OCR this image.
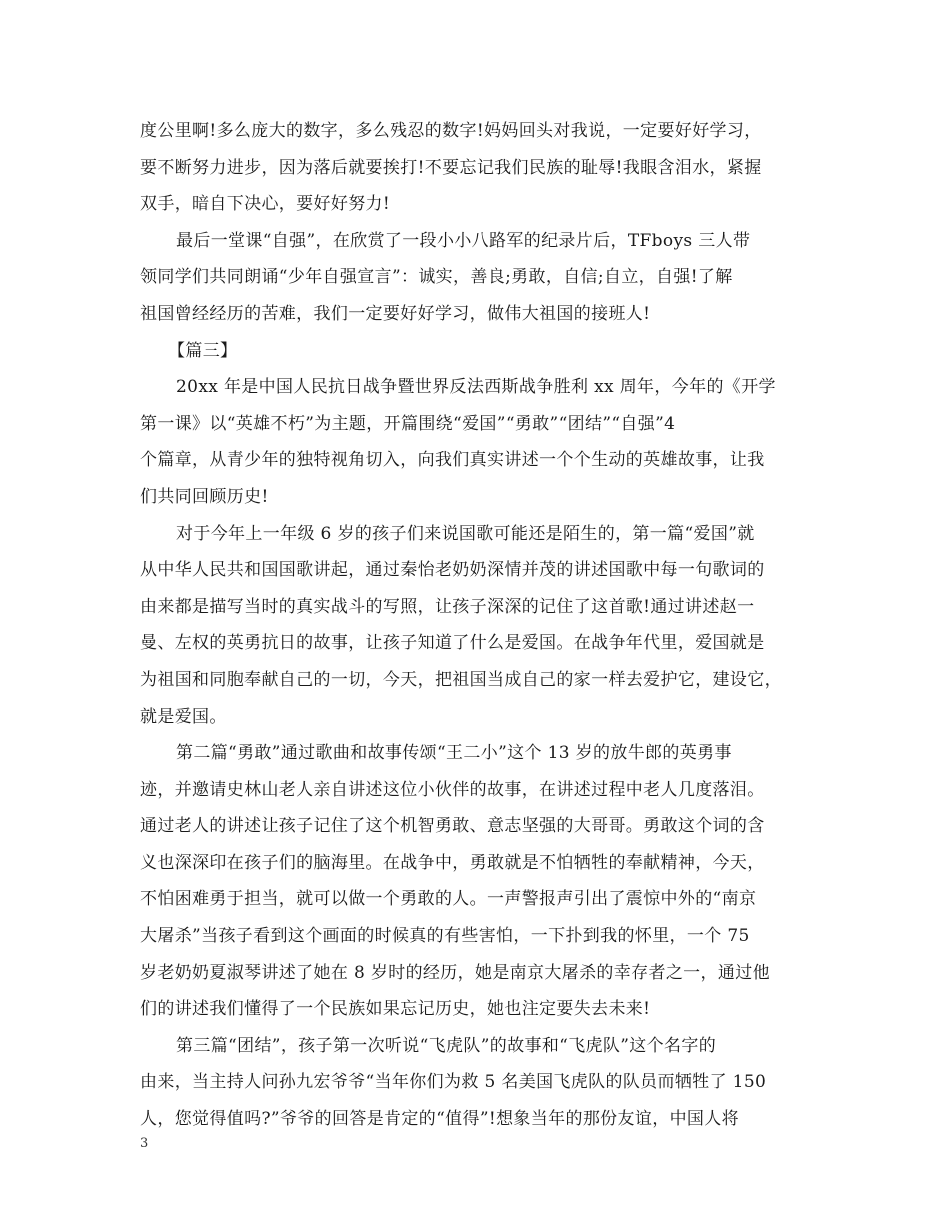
度公里啊!多么庞大的数字，多么残忍的数字!妈妈回头对我说，一定要好好学习，
要不断努力进步，因为落后就要挨打!不要忘记我们民族的耻辱!我眼含泪水，紧握
双手，暗自下决心，要好好努力!
最后一堂课“自强”，在欣赏了一段小小八路军的纪录片后，TFboys 三人带
领同学们共同朗诵“少年自强宣言”：诚实，善良;勇敢，自信;自立，自强!了解
祖国曾经经历的苦难，我们一定要好好学习，做伟大祖国的接班人!
【篇三】
20xx 年是中国人民抗日战争暨世界反法西斯战争胜利 xx 周年，今年的《开学
第一课》以“英雄不朽”为主题，开篇围绕“爱国”“勇敢”“团结”“自强”4
个篇章，从青少年的独特视角切入，向我们真实讲述一个个生动的英雄故事，让我
们共同回顾历史!
对于今年上一年级 6 岁的孩子们来说国歌可能还是陌生的，第一篇“爱国”就
从中华人民共和国国歌讲起，通过秦怡老奶奶深情并茂的讲述国歌中每一句歌词的
由来都是描写当时的真实战斗的写照，让孩子深深的记住了这首歌!通过讲述赵一
曼、左权的英勇抗日的故事，让孩子知道了什么是爱国。在战争年代里，爱国就是
为祖国和同胞奉献自己的一切，今天，把祖国当成自己的家一样去爱护它，建设它，
就是爱国。
第二篇“勇敢”通过歌曲和故事传颂“王二小”这个 13 岁的放牛郎的英勇事
迹，并邀请史林山老人亲自讲述这位小伙伴的故事，在讲述过程中老人几度落泪。
通过老人的讲述让孩子记住了这个机智勇敢、意志坚强的大哥哥。勇敢这个词的含
义也深深印在孩子们的脑海里。在战争中，勇敢就是不怕牺牲的奉献精神，今天，
不怕困难勇于担当，就可以做一个勇敢的人。一声警报声引出了震惊中外的“南京
大屠杀”当孩子看到这个画面的时候真的有些害怕，一下扑到我的怀里，一个 75
岁老奶奶夏淑琴讲述了她在 8 岁时的经历，她是南京大屠杀的幸存者之一，通过他
们的讲述我们懂得了一个民族如果忘记历史，她也注定要失去未来!
第三篇“团结”，孩子第一次听说“飞虎队”的故事和“飞虎队”这个名字的
由来，当主持人问孙九宏爷爷“当年你们为救 5 名美国飞虎队的队员而牺牲了 150
人，您觉得值吗?”爷爷的回答是肯定的“值得”!想象当年的那份友谊，中国人将
3
